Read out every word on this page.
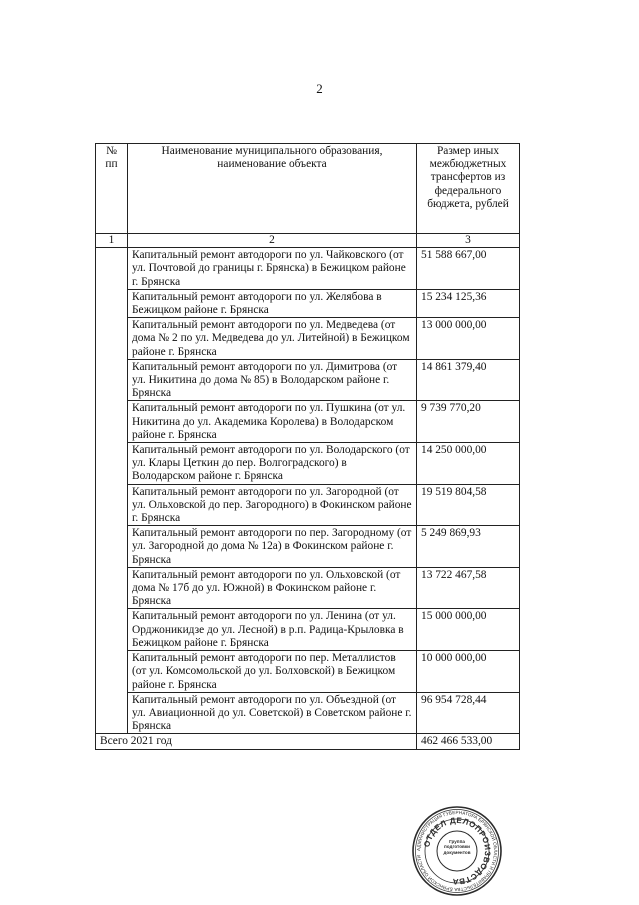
2
№ пп	Наименование муниципального образования, наименование объекта	Размер иных межбюджетных трансфертов из федерального бюджета, рублей
1	2	3
	Капитальный ремонт автодороги по ул. Чайковского (от ул. Почтовой до границы г. Брянска) в Бежицком районе г. Брянска	51 588 667,00
	Капитальный ремонт автодороги по ул. Желябова в Бежицком районе г. Брянска	15 234 125,36
	Капитальный ремонт автодороги по ул. Медведева (от дома № 2 по ул. Медведева до ул. Литейной) в Бежицком районе г. Брянска	13 000 000,00
	Капитальный ремонт автодороги по ул. Димитрова (от ул. Никитина до дома № 85) в Володарском районе г. Брянска	14 861 379,40
	Капитальный ремонт автодороги по ул. Пушкина (от ул. Никитина до ул. Академика Королева) в Володарском районе г. Брянска	9 739 770,20
	Капитальный ремонт автодороги по ул. Володарского (от ул. Клары Цеткин до пер. Волгоградского) в Володарском районе г. Брянска	14 250 000,00
	Капитальный ремонт автодороги по ул. Загородной (от ул. Ольховской до пер. Загородного) в Фокинском районе г. Брянска	19 519 804,58
	Капитальный ремонт автодороги по пер. Загородному (от ул. Загородной до дома № 12а) в Фокинском районе г. Брянска	5 249 869,93
	Капитальный ремонт автодороги по ул. Ольховской (от дома № 17б до ул. Южной) в Фокинском районе г. Брянска	13 722 467,58
	Капитальный ремонт автодороги по ул. Ленина (от ул. Орджоникидзе до ул. Лесной) в р.п. Радица-Крыловка в Бежицком районе г. Брянска	15 000 000,00
	Капитальный ремонт автодороги по пер. Металлистов (от ул. Комсомольской до ул. Болховской) в Бежицком районе г. Брянска	10 000 000,00
	Капитальный ремонт автодороги по ул. Объездной (от ул. Авиационной до ул. Советской) в Советском районе г. Брянска	96 954 728,44
Всего 2021 год		462 466 533,00
АДМИНИСТРАЦИЯ ГУБЕРНАТОРА БРЯНСКОЙ ОБЛАСТИ И ПРАВИТЕЛЬСТВА БРЯНСКОЙ ОБЛАСТИ
ОТДЕЛ ДЕЛОПРОИЗВОДСТВА
Группа подготовки документов
